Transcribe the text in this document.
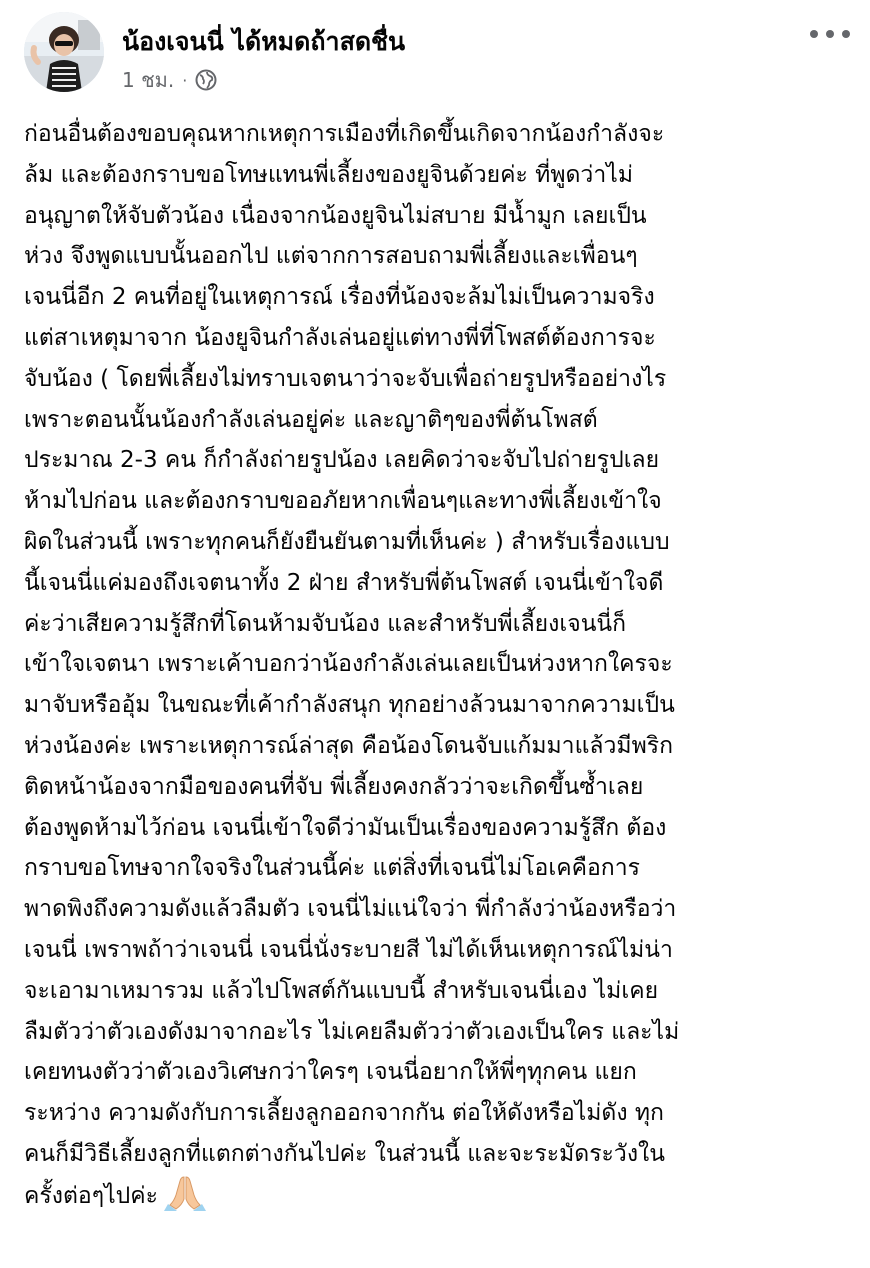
น้องเจนนี่ ได้หมดถ้าสดชื่น
1 ชม. ·
ก่อนอื่นต้องขอบคุณหากเหตุการเมืองที่เกิดขึ้นเกิดจากน้องกำลังจะ
ล้ม และต้องกราบขอโทษแทนพี่เลี้ยงของยูจินด้วยค่ะ ที่พูดว่าไม่
อนุญาตให้จับตัวน้อง เนื่องจากน้องยูจินไม่สบาย มีน้ำมูก เลยเป็น
ห่วง จึงพูดแบบนั้นออกไป แต่จากการสอบถามพี่เลี้ยงและเพื่อนๆ
เจนนี่อีก 2 คนที่อยู่ในเหตุการณ์ เรื่องที่น้องจะล้มไม่เป็นความจริง
แต่สาเหตุมาจาก น้องยูจินกำลังเล่นอยู่แต่ทางพี่ที่โพสต์ต้องการจะ
จับน้อง ( โดยพี่เลี้ยงไม่ทราบเจตนาว่าจะจับเพื่อถ่ายรูปหรืออย่างไร
เพราะตอนนั้นน้องกำลังเล่นอยู่ค่ะ และญาติๆของพี่ต้นโพสต์
ประมาณ 2-3 คน ก็กำลังถ่ายรูปน้อง เลยคิดว่าจะจับไปถ่ายรูปเลย
ห้ามไปก่อน และต้องกราบขออภัยหากเพื่อนๆและทางพี่เลี้ยงเข้าใจ
ผิดในส่วนนี้ เพราะทุกคนก็ยังยืนยันตามที่เห็นค่ะ ) สำหรับเรื่องแบบ
นี้เจนนี่แค่มองถึงเจตนาทั้ง 2 ฝ่าย สำหรับพี่ต้นโพสต์ เจนนี่เข้าใจดี
ค่ะว่าเสียความรู้สึกที่โดนห้ามจับน้อง และสำหรับพี่เลี้ยงเจนนี่ก็
เข้าใจเจตนา เพราะเค้าบอกว่าน้องกำลังเล่นเลยเป็นห่วงหากใครจะ
มาจับหรืออุ้ม ในขณะที่เค้ากำลังสนุก ทุกอย่างล้วนมาจากความเป็น
ห่วงน้องค่ะ เพราะเหตุการณ์ล่าสุด คือน้องโดนจับแก้มมาแล้วมีพริก
ติดหน้าน้องจากมือของคนที่จับ พี่เลี้ยงคงกลัวว่าจะเกิดขึ้นซ้ำเลย
ต้องพูดห้ามไว้ก่อน เจนนี่เข้าใจดีว่ามันเป็นเรื่องของความรู้สึก ต้อง
กราบขอโทษจากใจจริงในส่วนนี้ค่ะ แต่สิ่งที่เจนนี่ไม่โอเคคือการ
พาดพิงถึงความดังแล้วลืมตัว เจนนี่ไม่แน่ใจว่า พี่กำลังว่าน้องหรือว่า
เจนนี่ เพราพถ้าว่าเจนนี่ เจนนี่นั่งระบายสี ไม่ได้เห็นเหตุการณ์ไม่น่า
จะเอามาเหมารวม แล้วไปโพสต์กันแบบนี้ สำหรับเจนนี่เอง ไม่เคย
ลืมตัวว่าตัวเองดังมาจากอะไร ไม่เคยลืมตัวว่าตัวเองเป็นใคร และไม่
เคยทนงตัวว่าตัวเองวิเศษกว่าใครๆ เจนนี่อยากให้พี่ๆทุกคน แยก
ระหว่าง ความดังกับการเลี้ยงลูกออกจากกัน ต่อให้ดังหรือไม่ดัง ทุก
คนก็มีวิธีเลี้ยงลูกที่แตกต่างกันไปค่ะ ในส่วนนี้ และจะระมัดระวังใน
ครั้งต่อๆไปค่ะ
